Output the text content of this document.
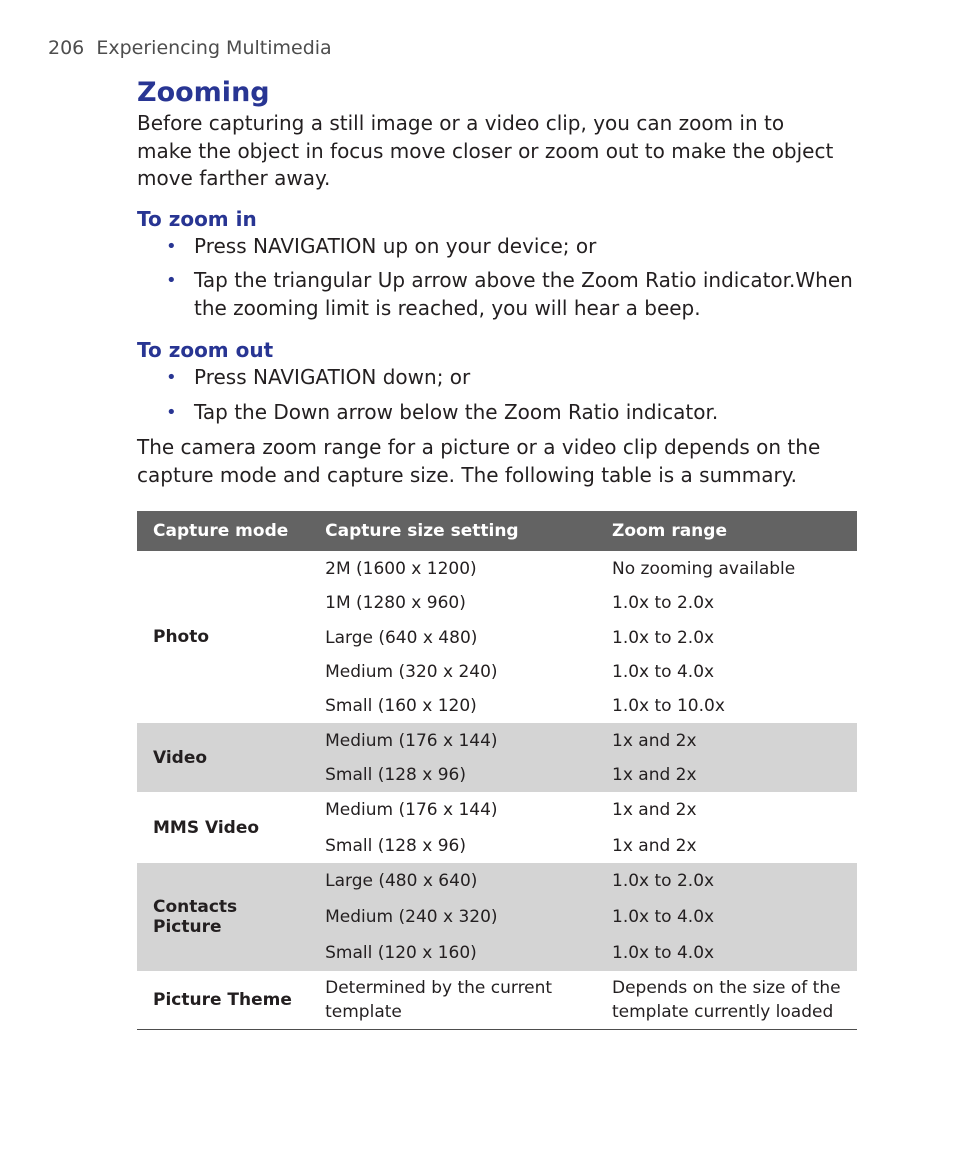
206 Experiencing Multimedia
Zooming

Before capturing a still image or a video clip, you can zoom in to make the object in focus move closer or zoom out to make the object move farther away.

To zoom in
• Press NAVIGATION up on your device; or
• Tap the triangular Up arrow above the Zoom Ratio indicator.When the zooming limit is reached, you will hear a beep.
To zoom out
• Press NAVIGATION down; or
• Tap the Down arrow below the Zoom Ratio indicator.

The camera zoom range for a picture or a video clip depends on the capture mode and capture size. The following table is a summary.

Capture mode	Capture size setting	Zoom range
Photo	2M (1600 x 1200)	No zooming available
	1M (1280 x 960)	1.0x to 2.0x
	Large (640 x 480)	1.0x to 2.0x
	Medium (320 x 240)	1.0x to 4.0x
	Small (160 x 120)	1.0x to 10.0x
Video	Medium (176 x 144)	1x and 2x
	Small (128 x 96)	1x and 2x
MMS Video	Medium (176 x 144)	1x and 2x
	Small (128 x 96)	1x and 2x
Contacts Picture	Large (480 x 640)	1.0x to 2.0x
	Medium (240 x 320)	1.0x to 4.0x
	Small (120 x 160)	1.0x to 4.0x
Picture Theme	Determined by the current template	Depends on the size of the template currently loaded
